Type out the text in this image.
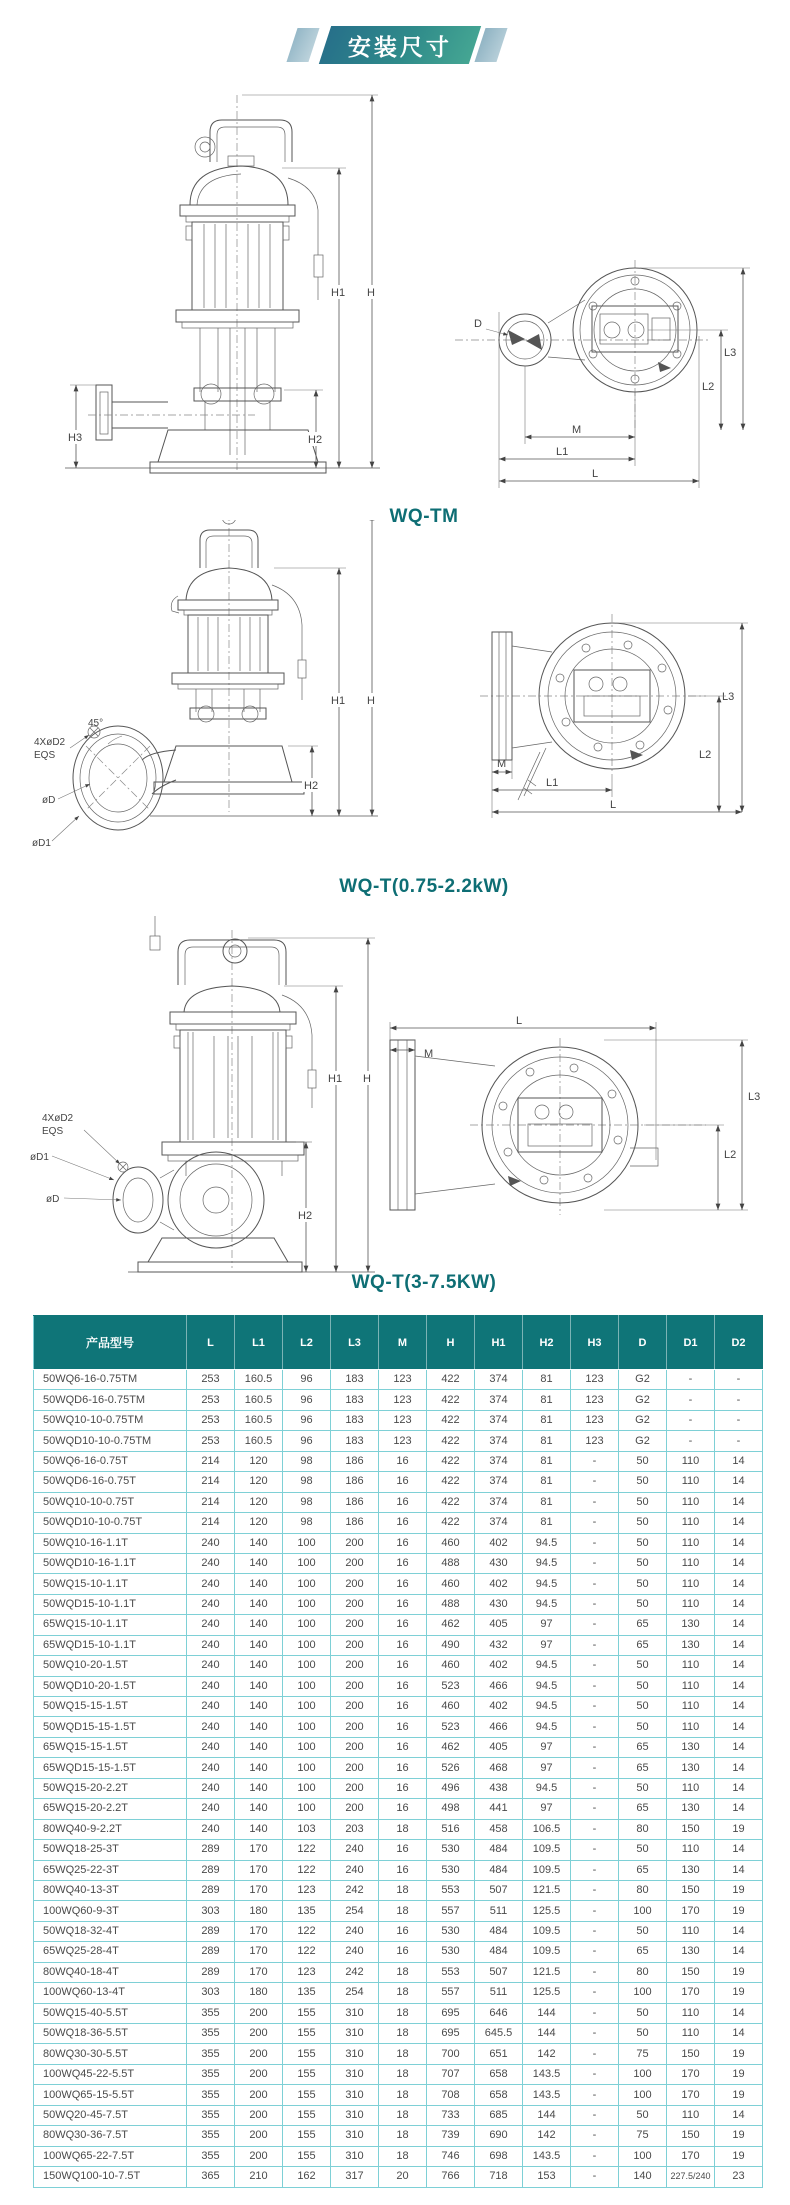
安装尺寸
H
H1
H2
H3
D
L3
L2
M
L1
L
WQ-TM
45°
4XøD2
EQS
øD
øD1
H
H1
H2
L3
L2
M
L1
L
WQ-T(0.75-2.2kW)
4XøD2
EQS
øD1
øD
H
H1
H2
L
M
L3
L2
WQ-T(3-7.5KW)
产品型号	L	L1	L2	L3	M	H	H1	H2	H3	D	D1	D2
50WQ6-16-0.75TM	253	160.5	96	183	123	422	374	81	123	G2	-	-
50WQD6-16-0.75TM	253	160.5	96	183	123	422	374	81	123	G2	-	-
50WQ10-10-0.75TM	253	160.5	96	183	123	422	374	81	123	G2	-	-
50WQD10-10-0.75TM	253	160.5	96	183	123	422	374	81	123	G2	-	-
50WQ6-16-0.75T	214	120	98	186	16	422	374	81	-	50	110	14
50WQD6-16-0.75T	214	120	98	186	16	422	374	81	-	50	110	14
50WQ10-10-0.75T	214	120	98	186	16	422	374	81	-	50	110	14
50WQD10-10-0.75T	214	120	98	186	16	422	374	81	-	50	110	14
50WQ10-16-1.1T	240	140	100	200	16	460	402	94.5	-	50	110	14
50WQD10-16-1.1T	240	140	100	200	16	488	430	94.5	-	50	110	14
50WQ15-10-1.1T	240	140	100	200	16	460	402	94.5	-	50	110	14
50WQD15-10-1.1T	240	140	100	200	16	488	430	94.5	-	50	110	14
65WQ15-10-1.1T	240	140	100	200	16	462	405	97	-	65	130	14
65WQD15-10-1.1T	240	140	100	200	16	490	432	97	-	65	130	14
50WQ10-20-1.5T	240	140	100	200	16	460	402	94.5	-	50	110	14
50WQD10-20-1.5T	240	140	100	200	16	523	466	94.5	-	50	110	14
50WQ15-15-1.5T	240	140	100	200	16	460	402	94.5	-	50	110	14
50WQD15-15-1.5T	240	140	100	200	16	523	466	94.5	-	50	110	14
65WQ15-15-1.5T	240	140	100	200	16	462	405	97	-	65	130	14
65WQD15-15-1.5T	240	140	100	200	16	526	468	97	-	65	130	14
50WQ15-20-2.2T	240	140	100	200	16	496	438	94.5	-	50	110	14
65WQ15-20-2.2T	240	140	100	200	16	498	441	97	-	65	130	14
80WQ40-9-2.2T	240	140	103	203	18	516	458	106.5	-	80	150	19
50WQ18-25-3T	289	170	122	240	16	530	484	109.5	-	50	110	14
65WQ25-22-3T	289	170	122	240	16	530	484	109.5	-	65	130	14
80WQ40-13-3T	289	170	123	242	18	553	507	121.5	-	80	150	19
100WQ60-9-3T	303	180	135	254	18	557	511	125.5	-	100	170	19
50WQ18-32-4T	289	170	122	240	16	530	484	109.5	-	50	110	14
65WQ25-28-4T	289	170	122	240	16	530	484	109.5	-	65	130	14
80WQ40-18-4T	289	170	123	242	18	553	507	121.5	-	80	150	19
100WQ60-13-4T	303	180	135	254	18	557	511	125.5	-	100	170	19
50WQ15-40-5.5T	355	200	155	310	18	695	646	144	-	50	110	14
50WQ18-36-5.5T	355	200	155	310	18	695	645.5	144	-	50	110	14
80WQ30-30-5.5T	355	200	155	310	18	700	651	142	-	75	150	19
100WQ45-22-5.5T	355	200	155	310	18	707	658	143.5	-	100	170	19
100WQ65-15-5.5T	355	200	155	310	18	708	658	143.5	-	100	170	19
50WQ20-45-7.5T	355	200	155	310	18	733	685	144	-	50	110	14
80WQ30-36-7.5T	355	200	155	310	18	739	690	142	-	75	150	19
100WQ65-22-7.5T	355	200	155	310	18	746	698	143.5	-	100	170	19
150WQ100-10-7.5T	365	210	162	317	20	766	718	153	-	140	227.5/240	23
